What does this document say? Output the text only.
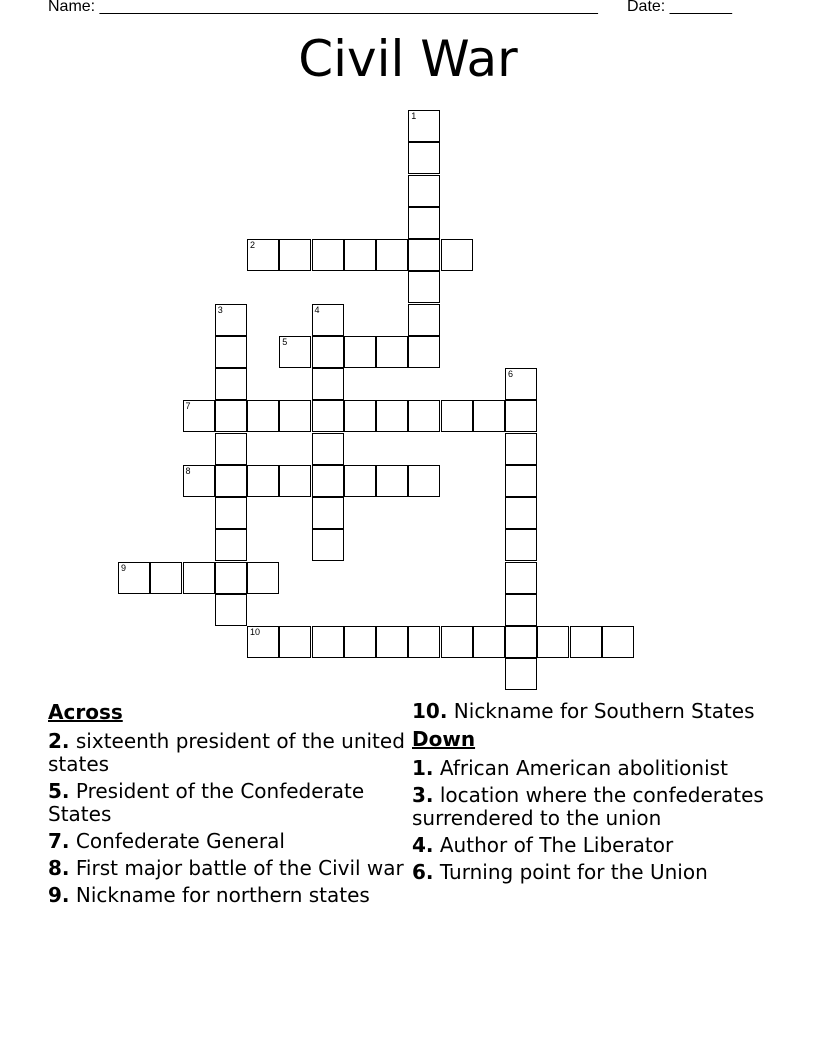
Name: ________________________________________________________ Date: _______
Civil War
1
2
3	4
5
6
7
8
9
10
Across
2. sixteenth president of the united states
5. President of the Confederate States
7. Confederate General
8. First major battle of the Civil war
9. Nickname for northern states
10. Nickname for Southern States
Down
1. African American abolitionist
3. location where the confederates surrendered to the union
4. Author of The Liberator
6. Turning point for the Union
